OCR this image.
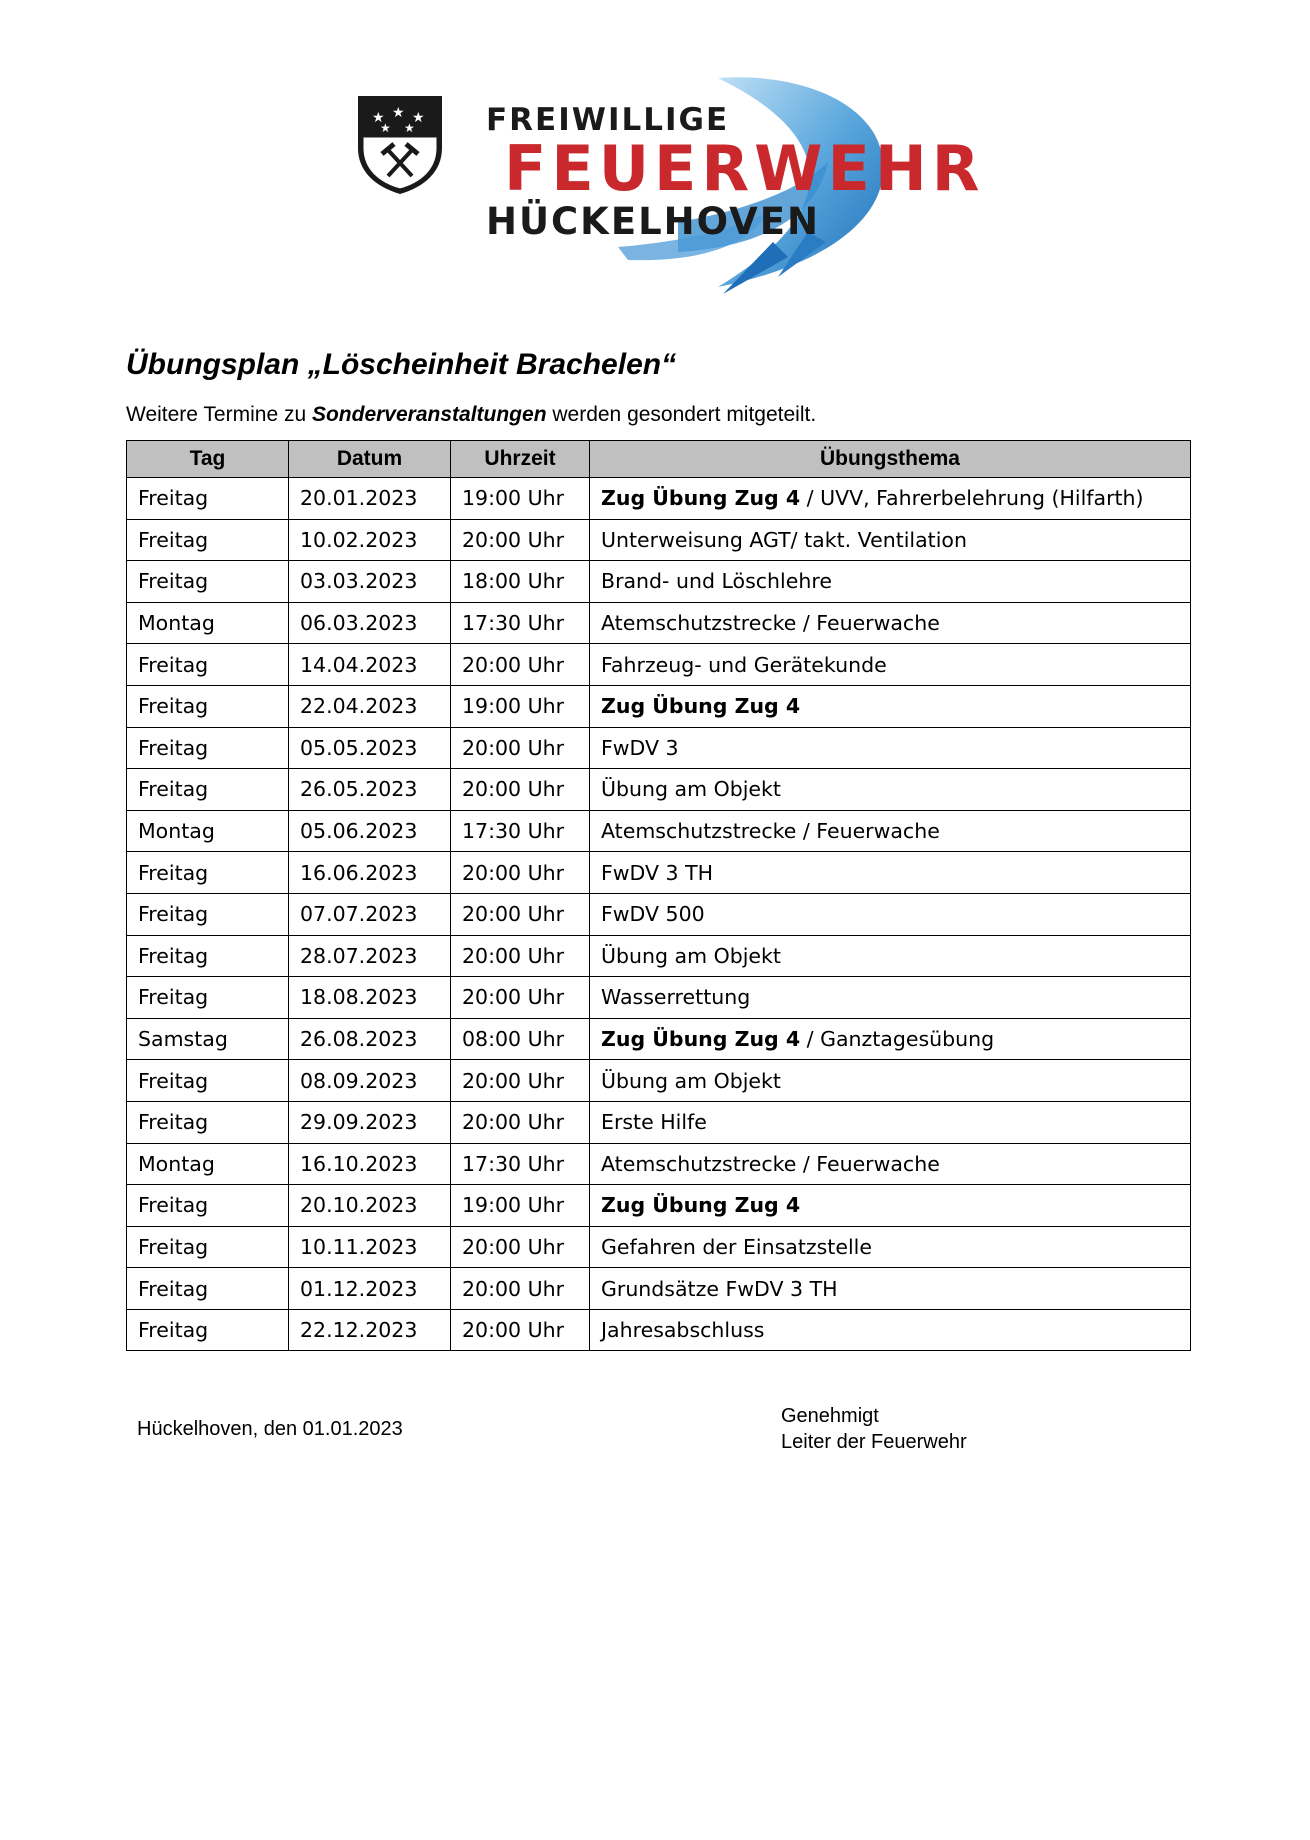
★ ★ ★
★ ★ FREIWILLIGE
FEUERWEHR
HÜCKELHOVEN
Übungsplan „Löscheinheit Brachelen“
Weitere Termine zu Sonderveranstaltungen werden gesondert mitgeteilt.
Tag	Datum	Uhrzeit	Übungsthema
Freitag	20.01.2023	19:00 Uhr	Zug Übung Zug 4 / UVV, Fahrerbelehrung (Hilfarth)
Freitag	10.02.2023	20:00 Uhr	Unterweisung AGT/ takt. Ventilation
Freitag	03.03.2023	18:00 Uhr	Brand- und Löschlehre
Montag	06.03.2023	17:30 Uhr	Atemschutzstrecke / Feuerwache
Freitag	14.04.2023	20:00 Uhr	Fahrzeug- und Gerätekunde
Freitag	22.04.2023	19:00 Uhr	Zug Übung Zug 4
Freitag	05.05.2023	20:00 Uhr	FwDV 3
Freitag	26.05.2023	20:00 Uhr	Übung am Objekt
Montag	05.06.2023	17:30 Uhr	Atemschutzstrecke / Feuerwache
Freitag	16.06.2023	20:00 Uhr	FwDV 3 TH
Freitag	07.07.2023	20:00 Uhr	FwDV 500
Freitag	28.07.2023	20:00 Uhr	Übung am Objekt
Freitag	18.08.2023	20:00 Uhr	Wasserrettung
Samstag	26.08.2023	08:00 Uhr	Zug Übung Zug 4 / Ganztagesübung
Freitag	08.09.2023	20:00 Uhr	Übung am Objekt
Freitag	29.09.2023	20:00 Uhr	Erste Hilfe
Montag	16.10.2023	17:30 Uhr	Atemschutzstrecke / Feuerwache
Freitag	20.10.2023	19:00 Uhr	Zug Übung Zug 4
Freitag	10.11.2023	20:00 Uhr	Gefahren der Einsatzstelle
Freitag	01.12.2023	20:00 Uhr	Grundsätze FwDV 3 TH
Freitag	22.12.2023	20:00 Uhr	Jahresabschluss
Hückelhoven, den 01.01.2023
Genehmigt
Leiter der Feuerwehr
